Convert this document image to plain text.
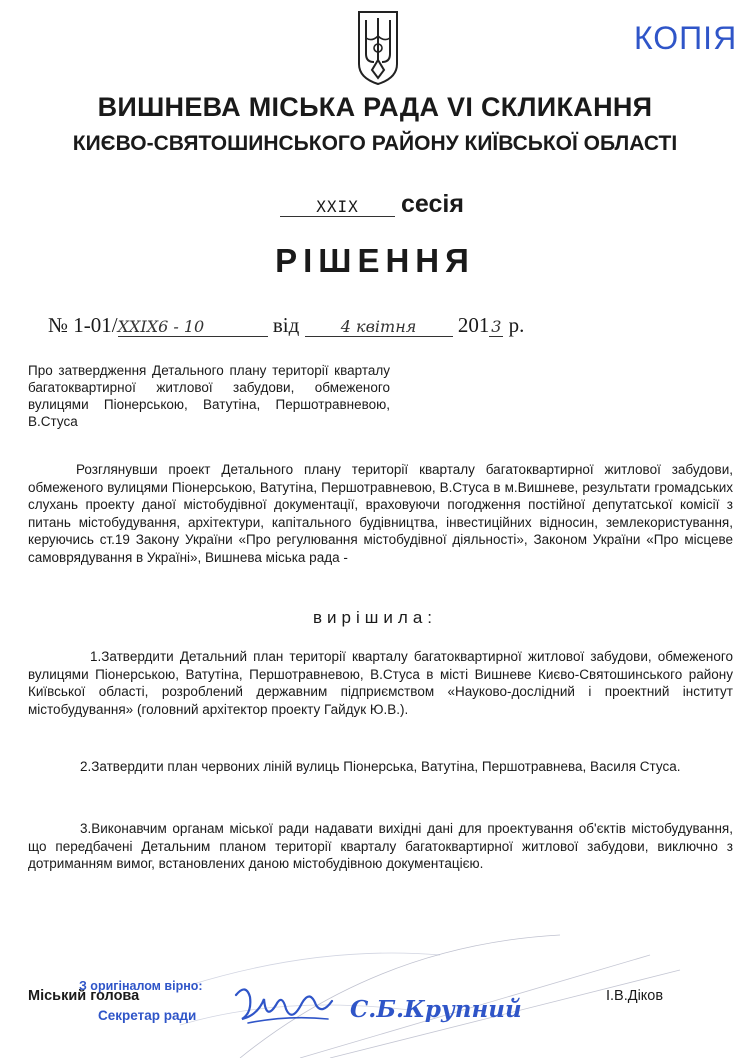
КОПІЯ
ВИШНЕВА МІСЬКА РАДА VI СКЛИКАННЯ
КИЄВО-СВЯТОШИНСЬКОГО РАЙОНУ КИЇВСЬКОЇ ОБЛАСТІ
XXIX сесія
РІШЕННЯ
№ 1-01/XXIX6 - 10	від	4 квітня 201 3 р.
Про затвердження Детального плану території кварталу багатоквартирної житлової забудови, обмеженого вулицями Піонерською, Ватутіна, Першотравневою, В.Стуса
Розглянувши проект Детального плану території кварталу багатоквартирної житлової забудови, обмеженого вулицями Піонерською, Ватутіна, Першотравневою, В.Стуса в м.Вишневе, результати громадських слухань проекту даної містобудівної документації, враховуючи погодження постійної депутатської комісії з питань містобудування, архітектури, капітального будівництва, інвестиційних відносин, землекористування, керуючись ст.19 Закону України «Про регулювання містобудівної діяльності», Законом України «Про місцеве самоврядування в Україні», Вишнева міська рада -
вирішила:
1.Затвердити Детальний план території кварталу багатоквартирної житлової забудови, обмеженого вулицями Піонерською, Ватутіна, Першотравневою, В.Стуса в місті Вишневе Києво-Святошинського району Київської області, розроблений державним підприємством «Науково-дослідний і проектний інститут містобудування» (головний архітектор проекту Гайдук Ю.В.).
2.Затвердити план червоних ліній вулиць Піонерська, Ватутіна, Першотравнева, Василя Стуса.
3.Виконавчим органам міської ради надавати вихідні дані для проектування об'єктів містобудування, що передбачені Детальним планом території кварталу багатоквартирної житлової забудови, виключно з дотриманням вимог, встановлених даною містобудівною документацією.
Міський голова	І.В.Діков
З оригіналом вірно:
Секретар ради	С.Б.Крупний
